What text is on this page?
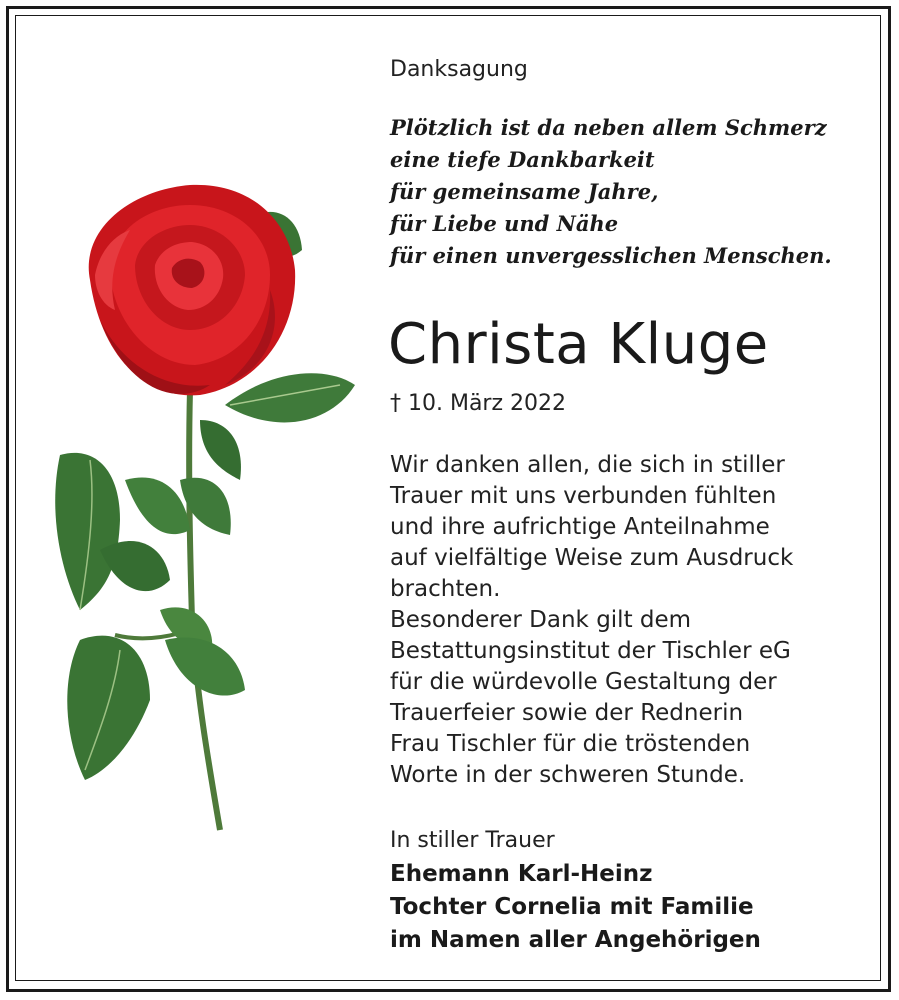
Danksagung
Plötzlich ist da neben allem Schmerz
eine tiefe Dankbarkeit
für gemeinsame Jahre,
für Liebe und Nähe
für einen unvergesslichen Menschen.
Christa Kluge
† 10. März 2022
Wir danken allen, die sich in stiller
Trauer mit uns verbunden fühlten
und ihre aufrichtige Anteilnahme
auf vielfältige Weise zum Ausdruck
brachten.
Besonderer Dank gilt dem
Bestattungsinstitut der Tischler eG
für die würdevolle Gestaltung der
Trauerfeier sowie der Rednerin
Frau Tischler für die tröstenden
Worte in der schweren Stunde.
In stiller Trauer
Ehemann Karl-Heinz
Tochter Cornelia mit Familie
im Namen aller Angehörigen
